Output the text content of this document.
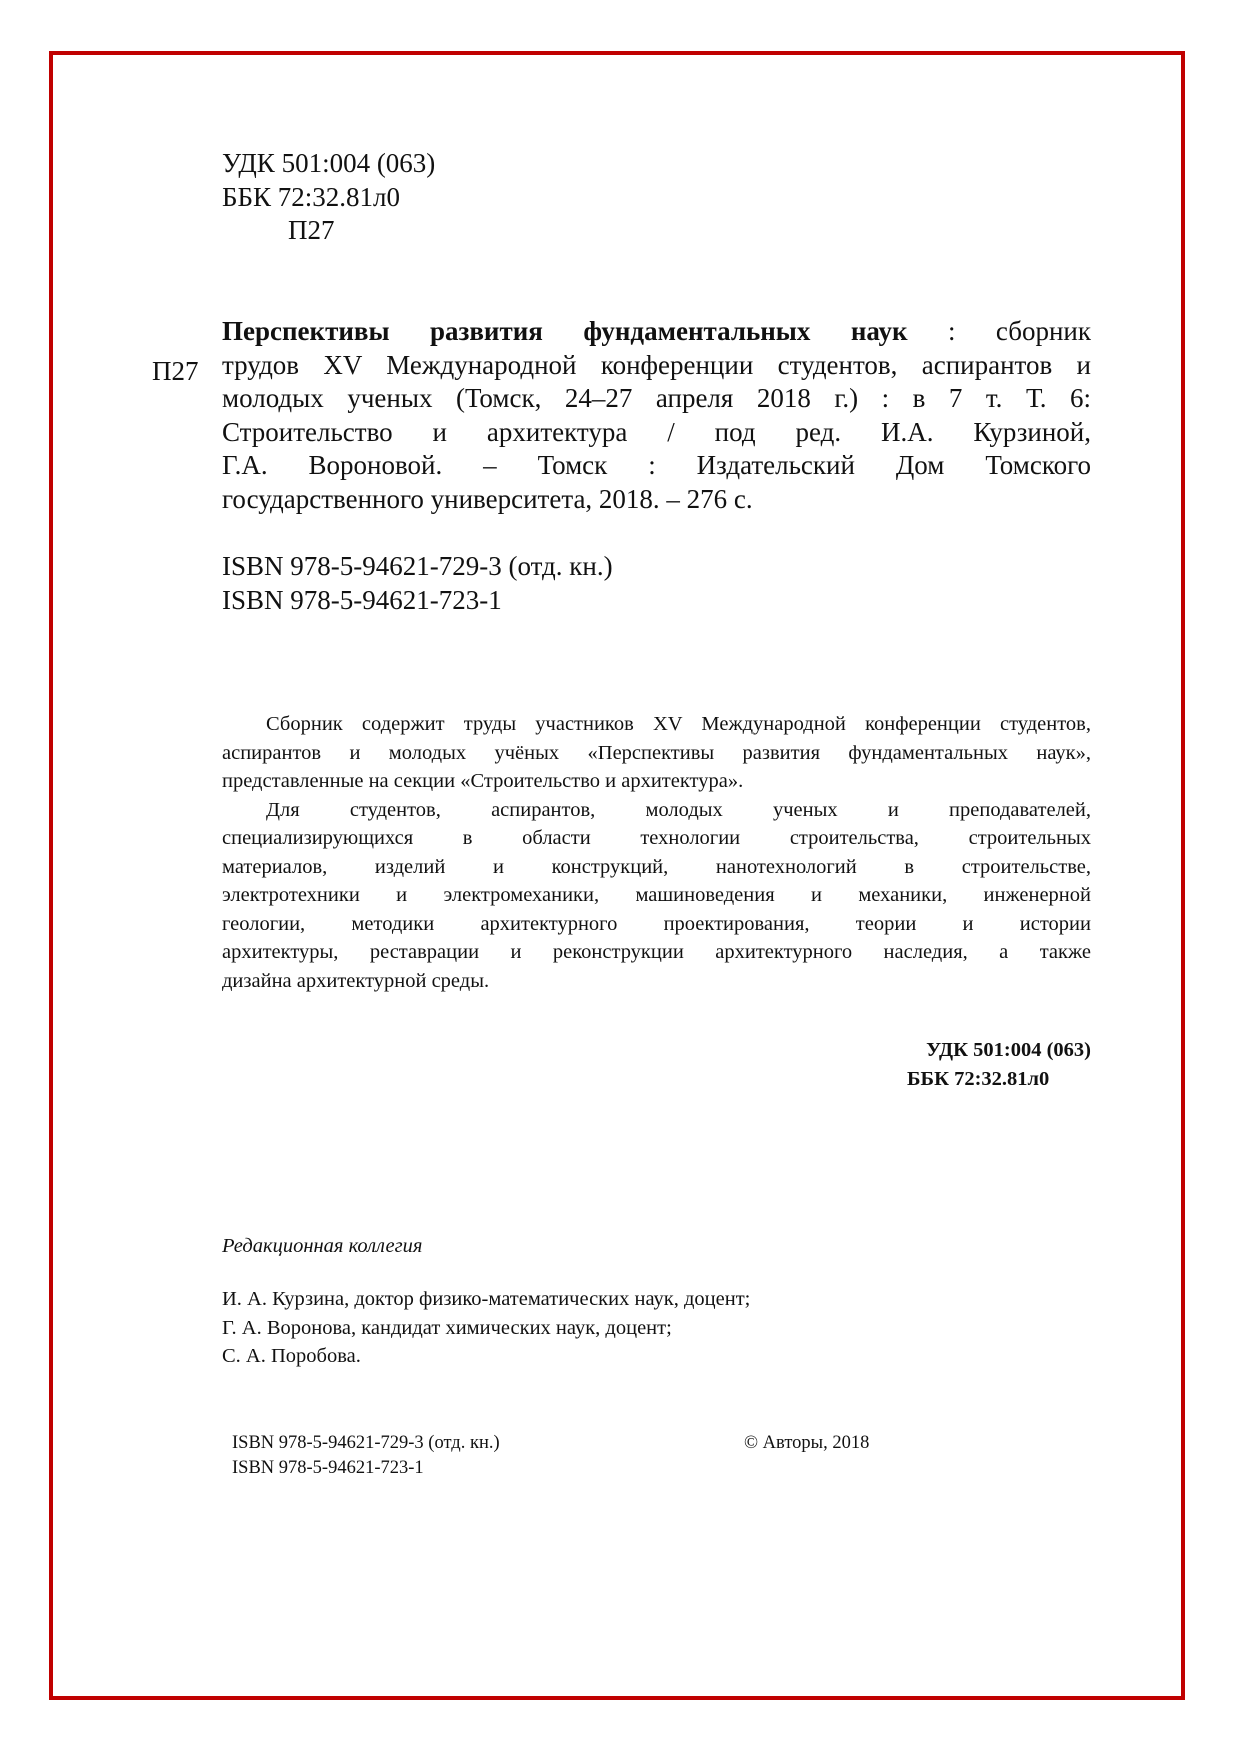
УДК 501:004 (063)
ББК 72:32.81л0
П27
П27
Перспективы развития фундаментальных наук : сборник
трудов XV Международной конференции студентов, аспирантов и
молодых ученых (Томск, 24–27 апреля 2018 г.) : в 7 т. Т. 6:
Строительство и архитектура / под ред. И.А. Курзиной,
Г.А. Вороновой. – Томск : Издательский Дом Томского
государственного университета, 2018. – 276 с.
ISBN 978-5-94621-729-3 (отд. кн.)
ISBN 978-5-94621-723-1
Сборник содержит труды участников XV Международной конференции студентов,
аспирантов и молодых учёных «Перспективы развития фундаментальных наук»,
представленные на секции «Строительство и архитектура».
Для студентов, аспирантов, молодых ученых и преподавателей,
специализирующихся в области технологии строительства, строительных
материалов, изделий и конструкций, нанотехнологий в строительстве,
электротехники и электромеханики, машиноведения и механики, инженерной
геологии, методики архитектурного проектирования, теории и истории
архитектуры, реставрации и реконструкции архитектурного наследия, а также
дизайна архитектурной среды.
УДК 501:004 (063)
ББК 72:32.81л0
Редакционная коллегия
И. А. Курзина, доктор физико-математических наук, доцент;
Г. А. Воронова, кандидат химических наук, доцент;
С. А. Поробова.
ISBN 978-5-94621-729-3 (отд. кн.)
ISBN 978-5-94621-723-1
© Авторы, 2018
